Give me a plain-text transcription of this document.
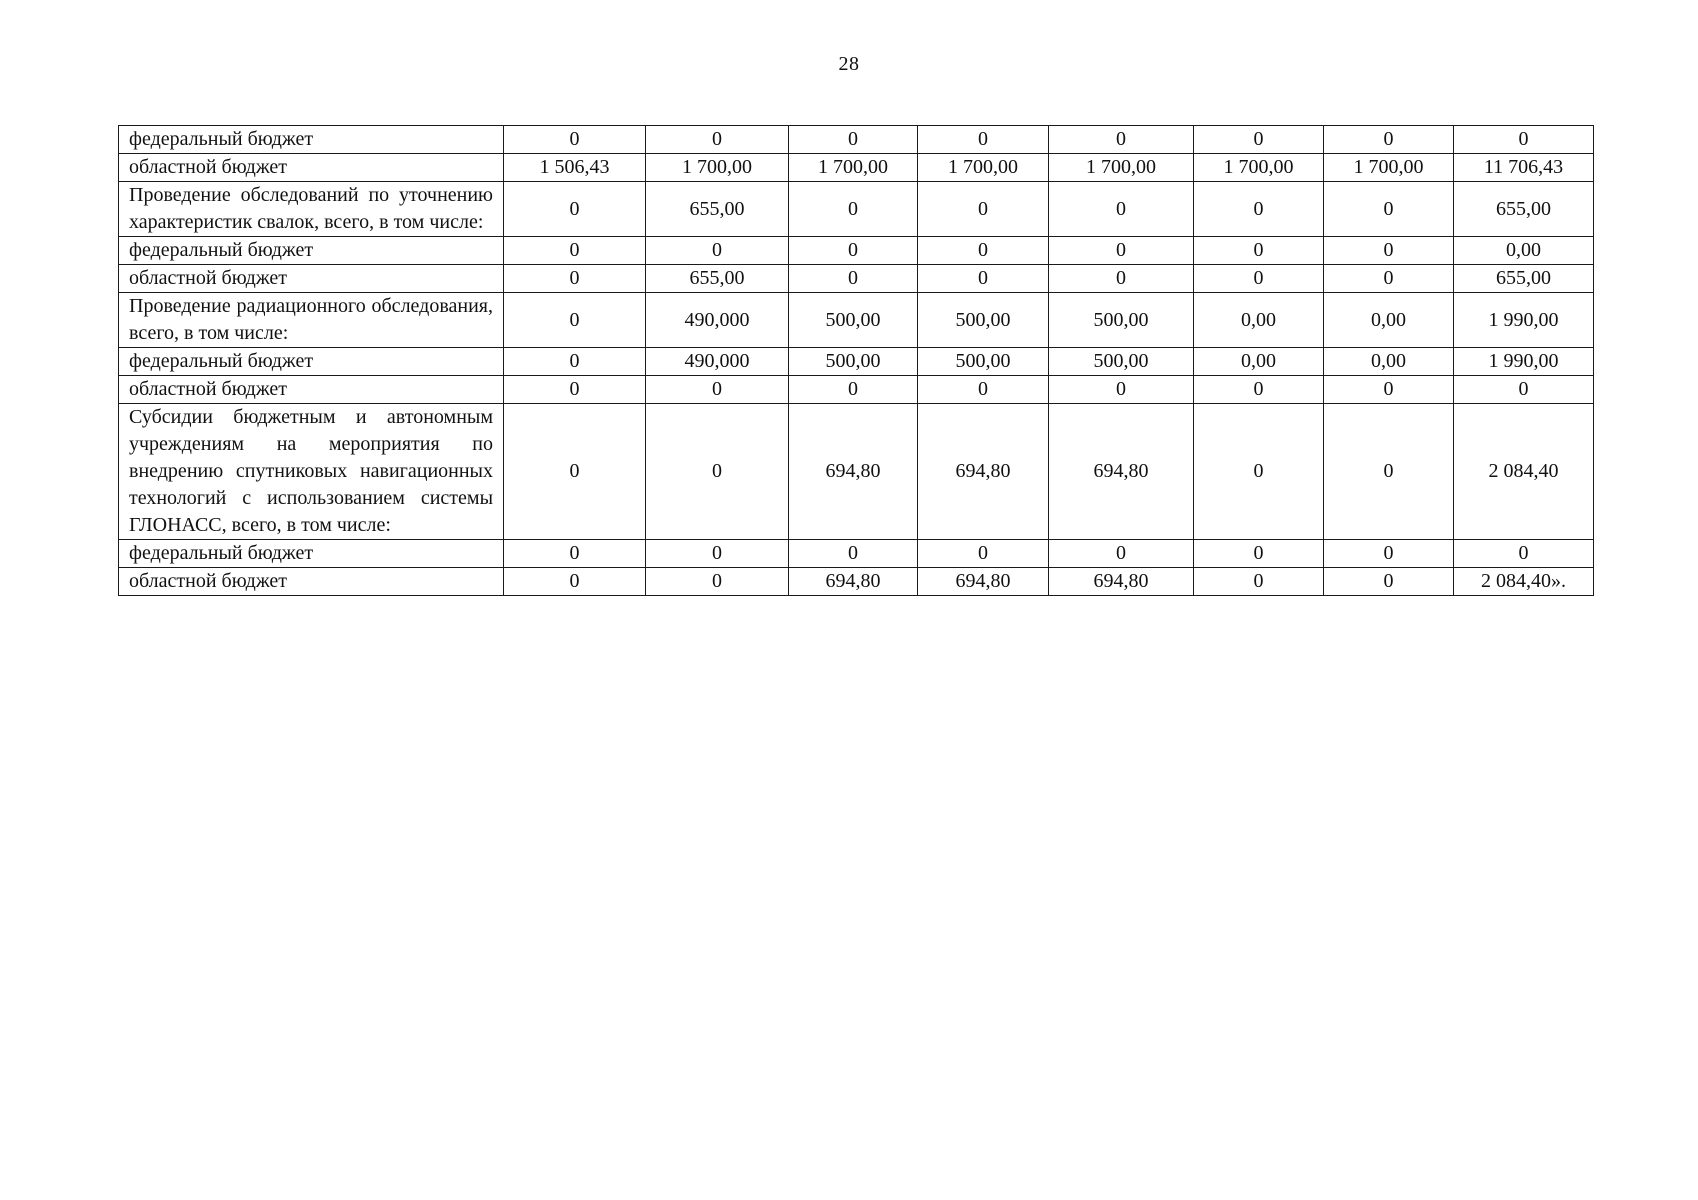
28
федеральный бюджет	0	0	0	0	0	0	0	0
областной бюджет	1 506,43	1 700,00	1 700,00	1 700,00	1 700,00	1 700,00	1 700,00	11 706,43
Проведение обследований по уточнению характеристик свалок, всего, в том числе:	0	655,00	0	0	0	0	0	655,00
федеральный бюджет	0	0	0	0	0	0	0	0,00
областной бюджет	0	655,00	0	0	0	0	0	655,00
Проведение радиационного обследования, всего, в том числе:	0	490,000	500,00	500,00	500,00	0,00	0,00	1 990,00
федеральный бюджет	0	490,000	500,00	500,00	500,00	0,00	0,00	1 990,00
областной бюджет	0	0	0	0	0	0	0	0
Субсидии бюджетным и автономным учреждениям на мероприятия по внедрению спутниковых навигационных технологий с использованием системы ГЛОНАСС, всего, в том числе:	0	0	694,80	694,80	694,80	0	0	2 084,40
федеральный бюджет	0	0	0	0	0	0	0	0
областной бюджет	0	0	694,80	694,80	694,80	0	0	2 084,40».
